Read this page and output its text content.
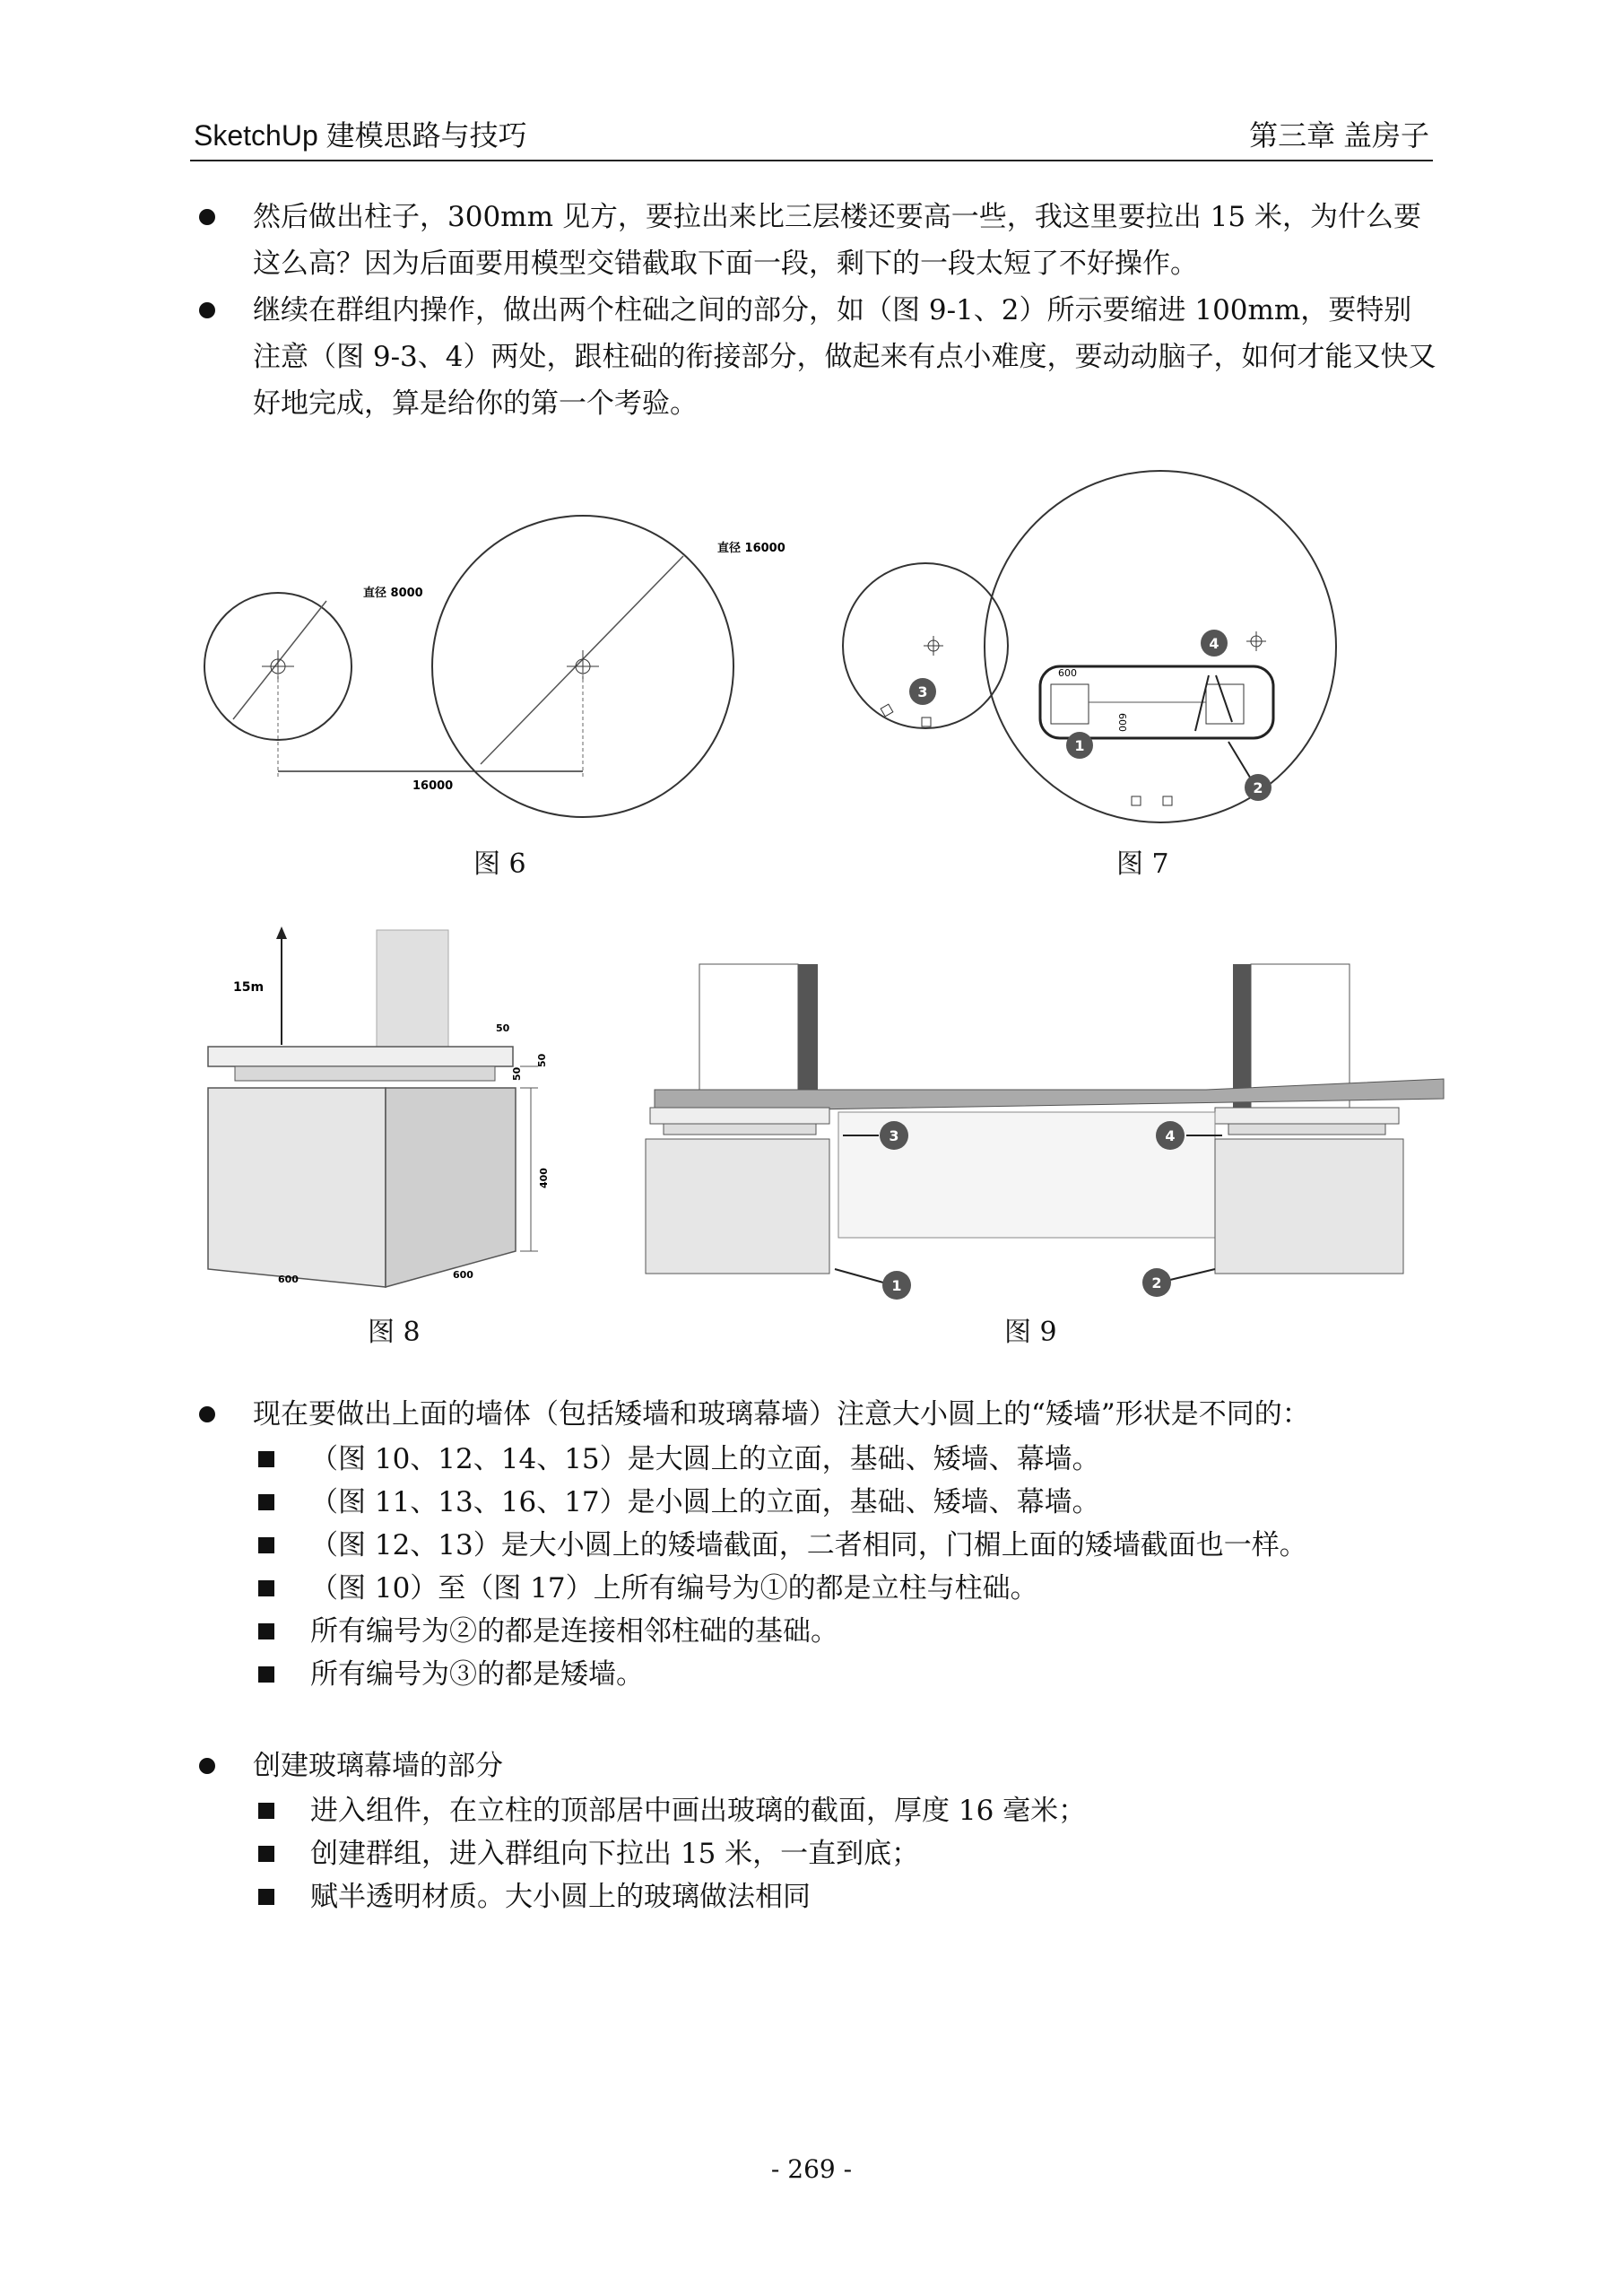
SketchUp 建模思路与技巧	第三章 盖房子
然后做出柱子，300mm 见方，要拉出来比三层楼还要高一些，我这里要拉出 15 米，为什么要这么高？因为后面要用模型交错截取下面一段，剩下的一段太短了不好操作。
继续在群组内操作，做出两个柱础之间的部分，如（图 9-1、2）所示要缩进 100mm，要特别注意（图 9-3、4）两处，跟柱础的衔接部分，做起来有点小难度，要动动脑子，如何才能又快又好地完成，算是给你的第一个考验。
直径 8000
直径 16000
16000
图 6
600
600
3
1
4
2
图 7
15m
50
50
50
400
600	600
图 8
3	4
1	2
图 9
现在要做出上面的墙体（包括矮墙和玻璃幕墙）注意大小圆上的“矮墙”形状是不同的：
（图 10、12、14、15）是大圆上的立面，基础、矮墙、幕墙。
（图 11、13、16、17）是小圆上的立面，基础、矮墙、幕墙。
（图 12、13）是大小圆上的矮墙截面，二者相同，门楣上面的矮墙截面也一样。
（图 10）至（图 17）上所有编号为①的都是立柱与柱础。
所有编号为②的都是连接相邻柱础的基础。
所有编号为③的都是矮墙。
创建玻璃幕墙的部分
进入组件，在立柱的顶部居中画出玻璃的截面，厚度 16 毫米；
创建群组，进入群组向下拉出 15 米，一直到底；
赋半透明材质。大小圆上的玻璃做法相同
- 269 -
